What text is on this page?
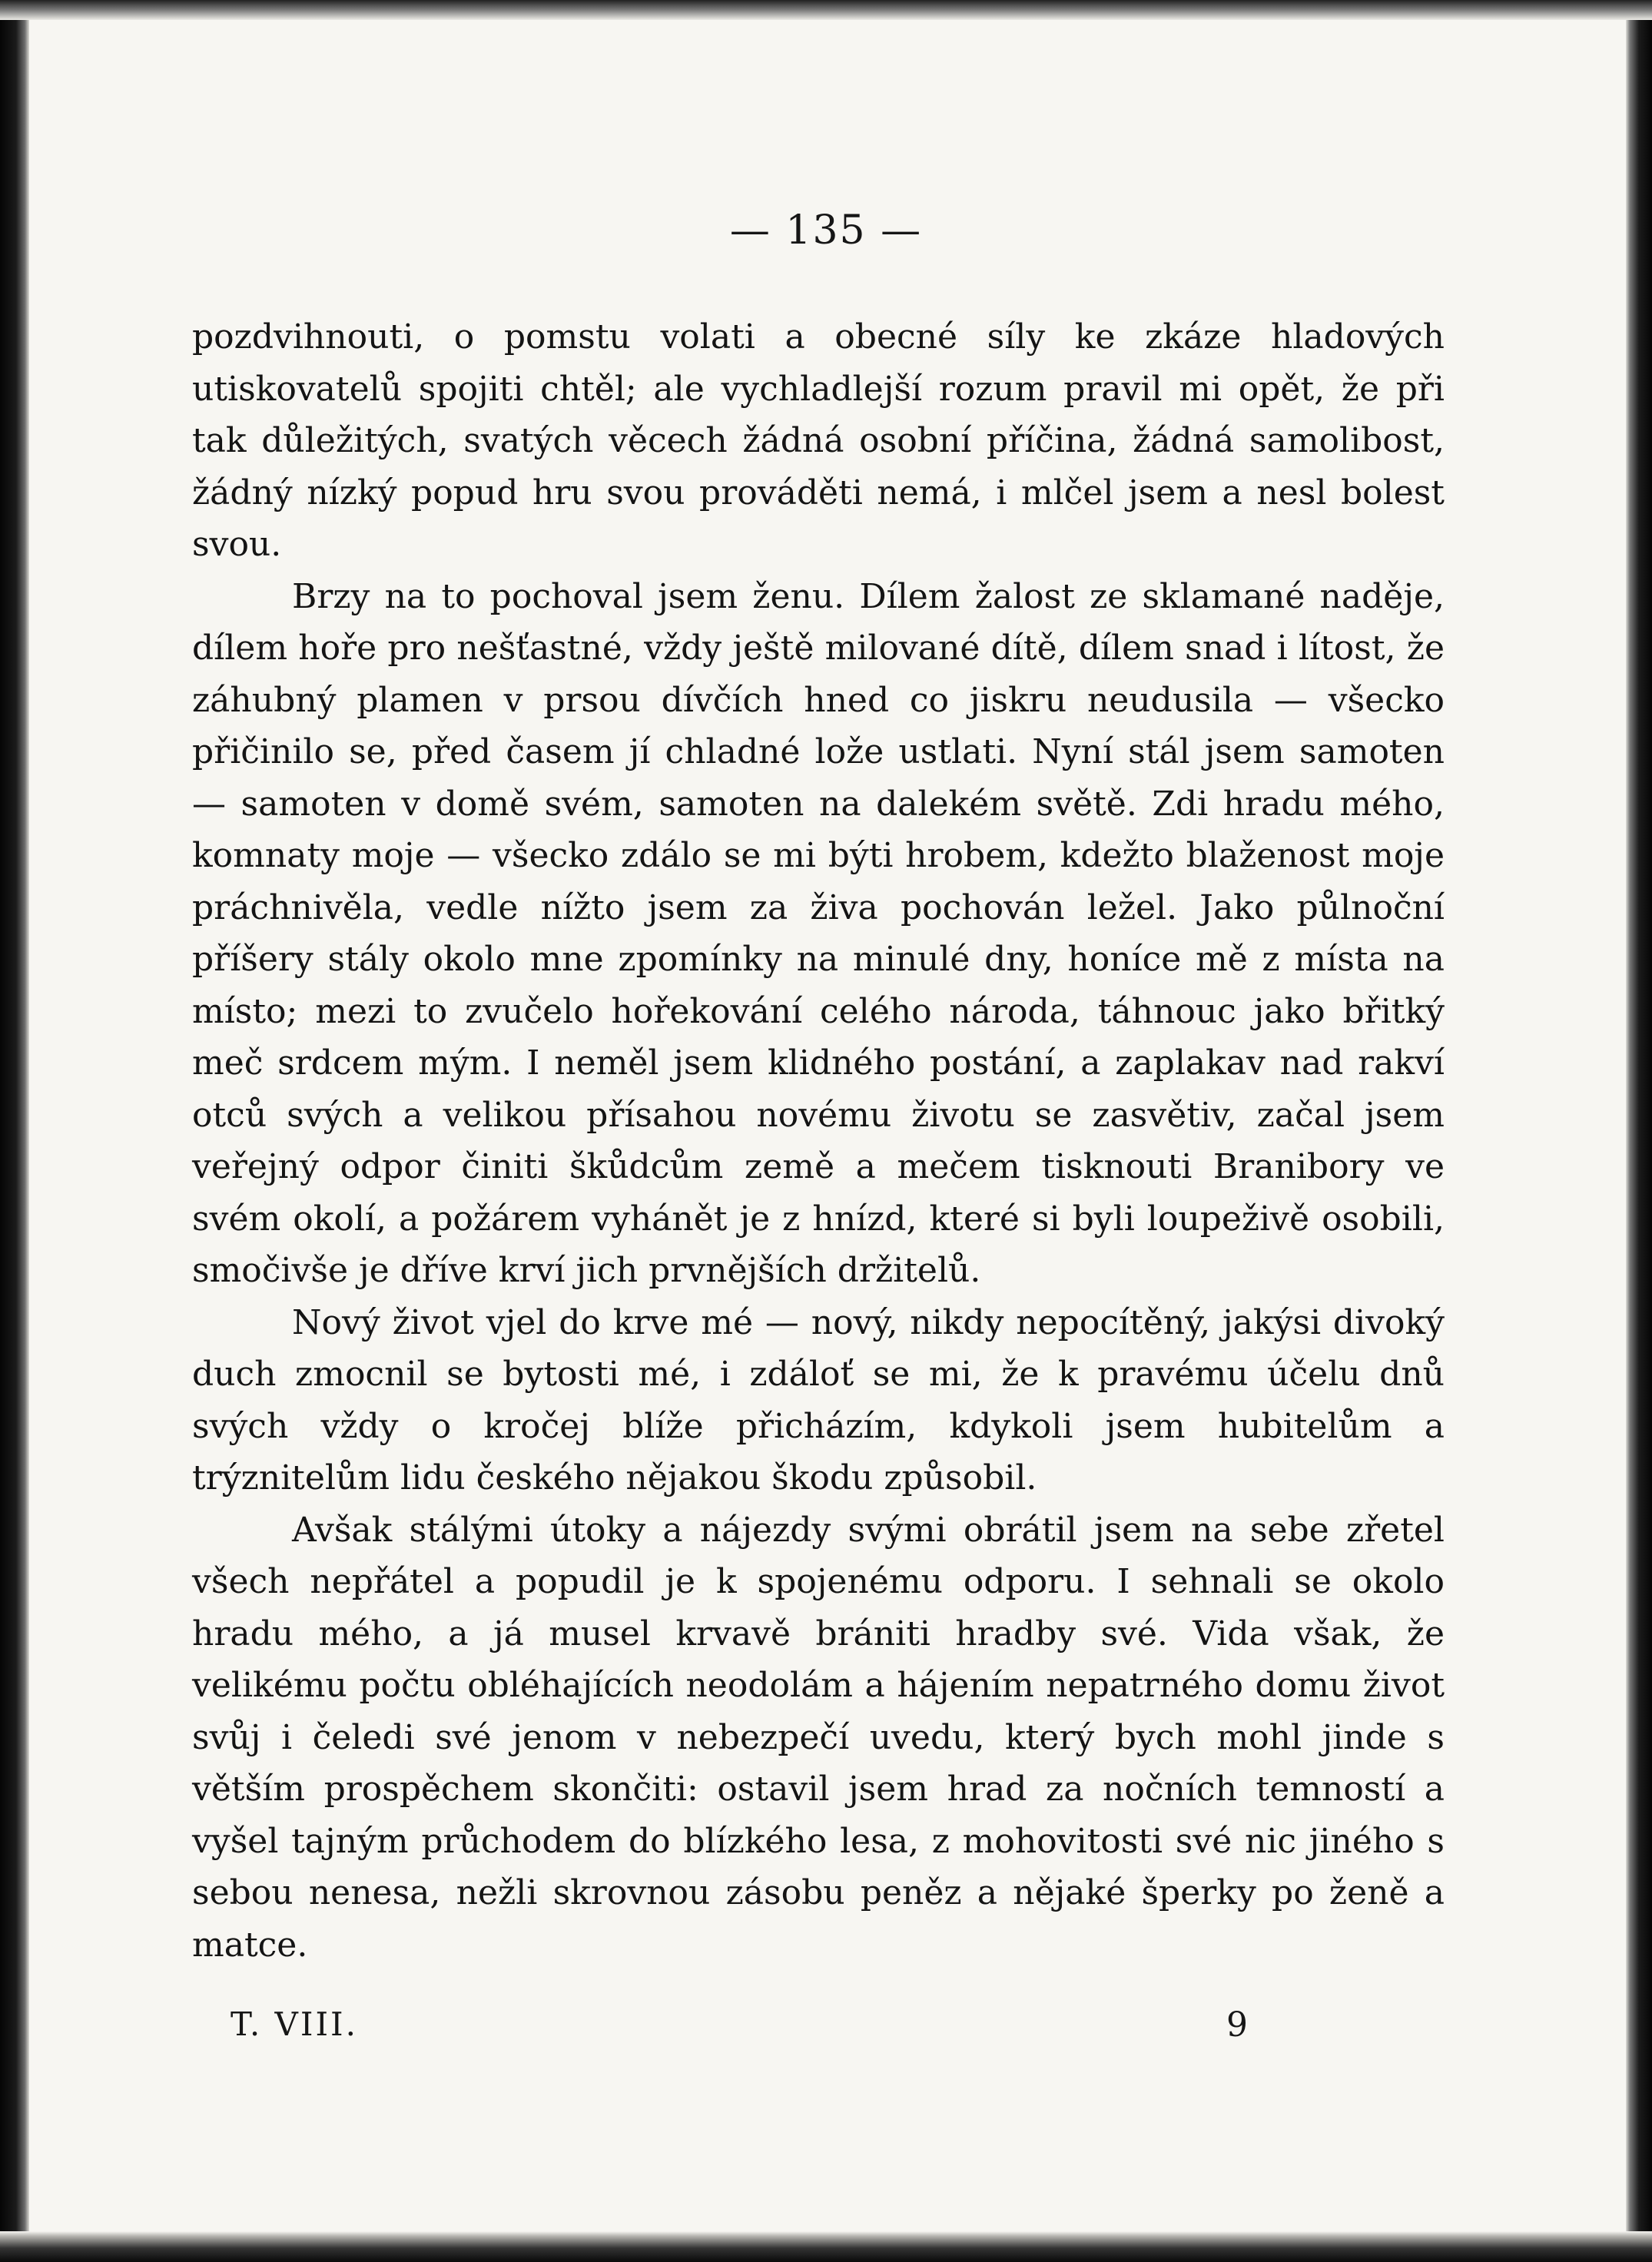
— 135 —

pozdvihnouti, o pomstu volati a obecné síly ke zkáze hladových utiskovatelů spojiti chtěl; ale vychladlejší rozum pravil mi opět, že při tak důležitých, svatých věcech žádná osobní příčina, žádná samolibost, žádný nízký popud hru svou prováděti nemá, i mlčel jsem a nesl bolest svou.

Brzy na to pochoval jsem ženu. Dílem žalost ze sklamané naděje, dílem hoře pro nešťastné, vždy ještě milované dítě, dílem snad i lítost, že záhubný plamen v prsou dívčích hned co jiskru neudusila — všecko přičinilo se, před časem jí chladné lože ustlati. Nyní stál jsem samoten — samoten v domě svém, samoten na dalekém světě. Zdi hradu mého, komnaty moje — všecko zdálo se mi býti hrobem, kdežto blaženost moje práchnivěla, vedle nížto jsem za živa pochován ležel. Jako půlnoční příšery stály okolo mne zpomínky na minulé dny, honíce mě z místa na místo; mezi to zvučelo hořekování celého národa, táhnouc jako břitký meč srdcem mým. I neměl jsem klidného postání, a zaplakav nad rakví otců svých a velikou přísahou novému životu se zasvětiv, začal jsem veřejný odpor činiti škůdcům země a mečem tisknouti Branibory ve svém okolí, a požárem vyhánět je z hnízd, které si byli loupeživě osobili, smočivše je dříve krví jich prvnějších držitelů.

Nový život vjel do krve mé — nový, nikdy nepocítěný, jakýsi divoký duch zmocnil se bytosti mé, i zdáloť se mi, že k pravému účelu dnů svých vždy o kročej blíže přicházím, kdykoli jsem hubitelům a trýznitelům lidu českého nějakou škodu způsobil.

Avšak stálými útoky a nájezdy svými obrátil jsem na sebe zřetel všech nepřátel a popudil je k spojenému odporu. I sehnali se okolo hradu mého, a já musel krvavě brániti hradby své. Vida však, že velikému počtu obléhajících neodolám a hájením nepatrného domu život svůj i čeledi své jenom v nebezpečí uvedu, který bych mohl jinde s větším prospěchem skončiti: ostavil jsem hrad za nočních temností a vyšel tajným průchodem do blízkého lesa, z mohovitosti své nic jiného s sebou nenesa, nežli skrovnou zásobu peněz a nějaké šperky po ženě a matce.

T. VIII.	9
